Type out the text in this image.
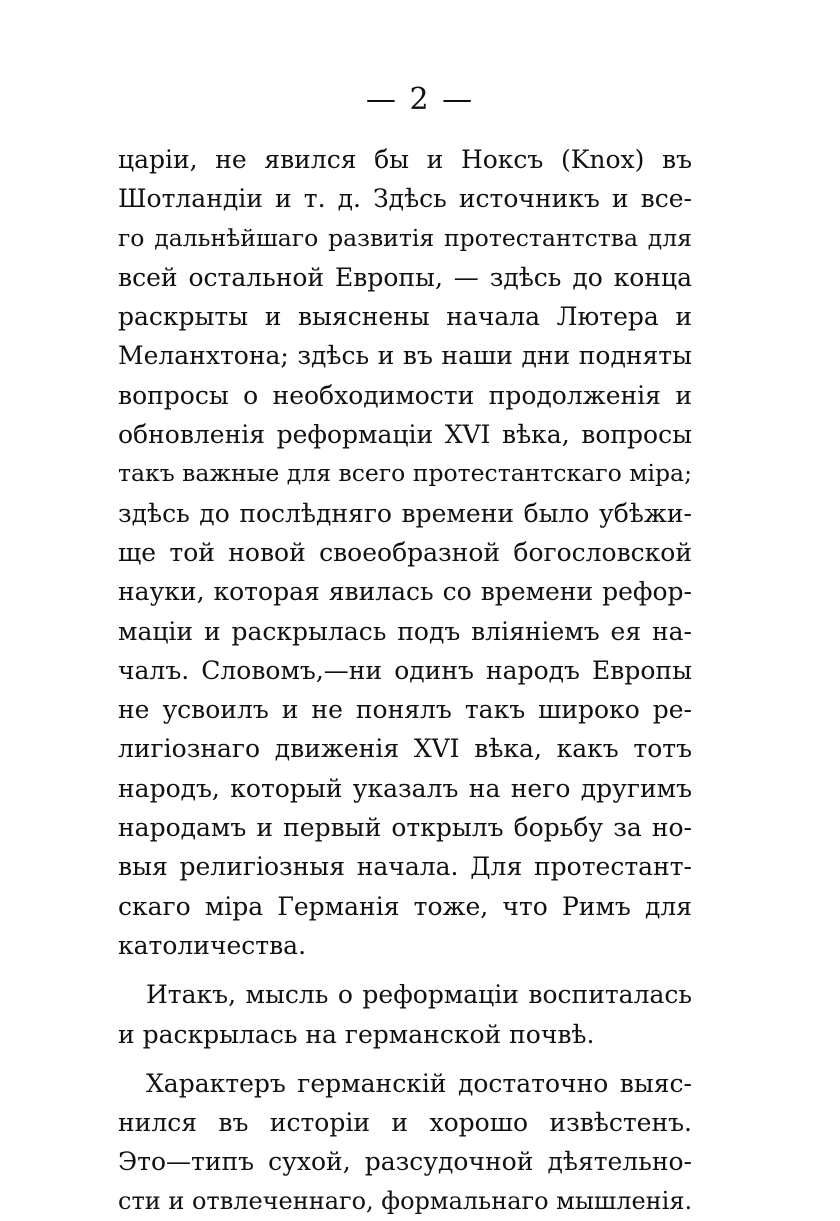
— 2 —
царіи, не явился бы и Ноксъ (Knox) въ
Шотландіи и т. д. Здѣсь источникъ и все-
го дальнѣйшаго развитія протестантства для
всей остальной Европы, — здѣсь до конца
раскрыты и выяснены начала Лютера и
Меланхтона; здѣсь и въ наши дни подняты
вопросы о необходимости продолженія и
обновленія реформаціи XVI вѣка, вопросы
такъ важные для всего протестантскаго міра;
здѣсь до послѣдняго времени было убѣжи-
ще той новой своеобразной богословской
науки, которая явилась со времени рефор-
маціи и раскрылась подъ вліяніемъ ея на-
чалъ. Словомъ,—ни одинъ народъ Европы
не усвоилъ и не понялъ такъ широко ре-
лигіознаго движенія XVI вѣка, какъ тотъ
народъ, который указалъ на него другимъ
народамъ и первый открылъ борьбу за но-
выя религіозныя начала. Для протестант-
скаго міра Германія тоже, что Римъ для
католичества.
Итакъ, мысль о реформаціи воспиталась
и раскрылась на германской почвѣ.
Характеръ германскій достаточно выяс-
нился въ исторіи и хорошо извѣстенъ.
Это—типъ сухой, разсудочной дѣятельно-
сти и отвлеченнаго, формальнаго мышленія.
